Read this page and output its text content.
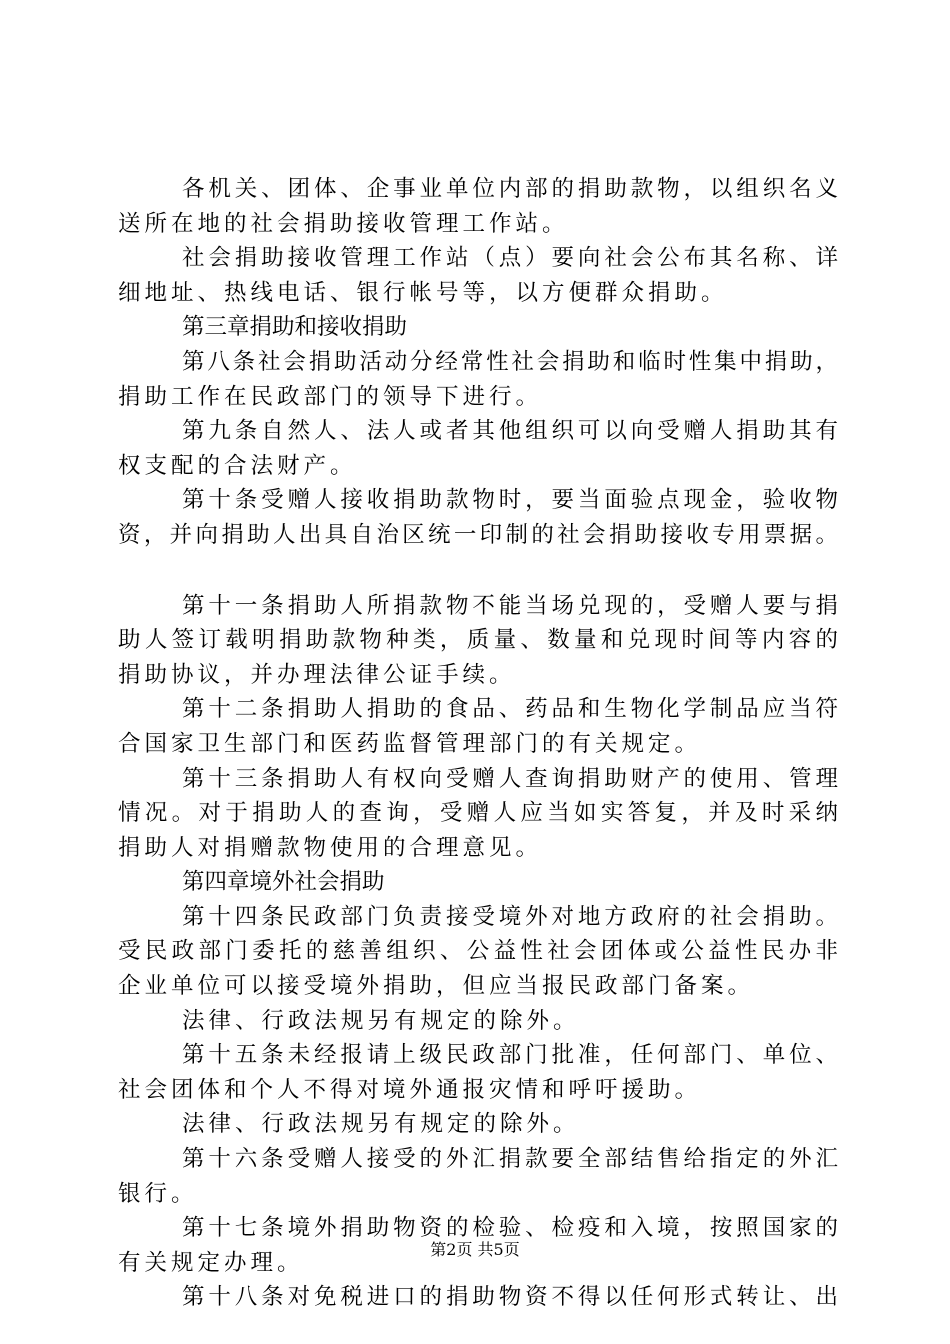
各机关、团体、企事业单位内部的捐助款物，以组织名义
送所在地的社会捐助接收管理工作站。
社会捐助接收管理工作站（点）要向社会公布其名称、详
细地址、热线电话、银行帐号等，以方便群众捐助。
第三章捐助和接收捐助
第八条社会捐助活动分经常性社会捐助和临时性集中捐助，
捐助工作在民政部门的领导下进行。
第九条自然人、法人或者其他组织可以向受赠人捐助其有
权支配的合法财产。
第十条受赠人接收捐助款物时，要当面验点现金，验收物
资，并向捐助人出具自治区统一印制的社会捐助接收专用票据。
第十一条捐助人所捐款物不能当场兑现的，受赠人要与捐
助人签订载明捐助款物种类，质量、数量和兑现时间等内容的
捐助协议，并办理法律公证手续。
第十二条捐助人捐助的食品、药品和生物化学制品应当符
合国家卫生部门和医药监督管理部门的有关规定。
第十三条捐助人有权向受赠人查询捐助财产的使用、管理
情况。对于捐助人的查询，受赠人应当如实答复，并及时采纳
捐助人对捐赠款物使用的合理意见。
第四章境外社会捐助
第十四条民政部门负责接受境外对地方政府的社会捐助。
受民政部门委托的慈善组织、公益性社会团体或公益性民办非
企业单位可以接受境外捐助，但应当报民政部门备案。
法律、行政法规另有规定的除外。
第十五条未经报请上级民政部门批准，任何部门、单位、
社会团体和个人不得对境外通报灾情和呼吁援助。
法律、行政法规另有规定的除外。
第十六条受赠人接受的外汇捐款要全部结售给指定的外汇
银行。
第十七条境外捐助物资的检验、检疫和入境，按照国家的
有关规定办理。
第十八条对免税进口的捐助物资不得以任何形式转让、出
第2页 共5页
